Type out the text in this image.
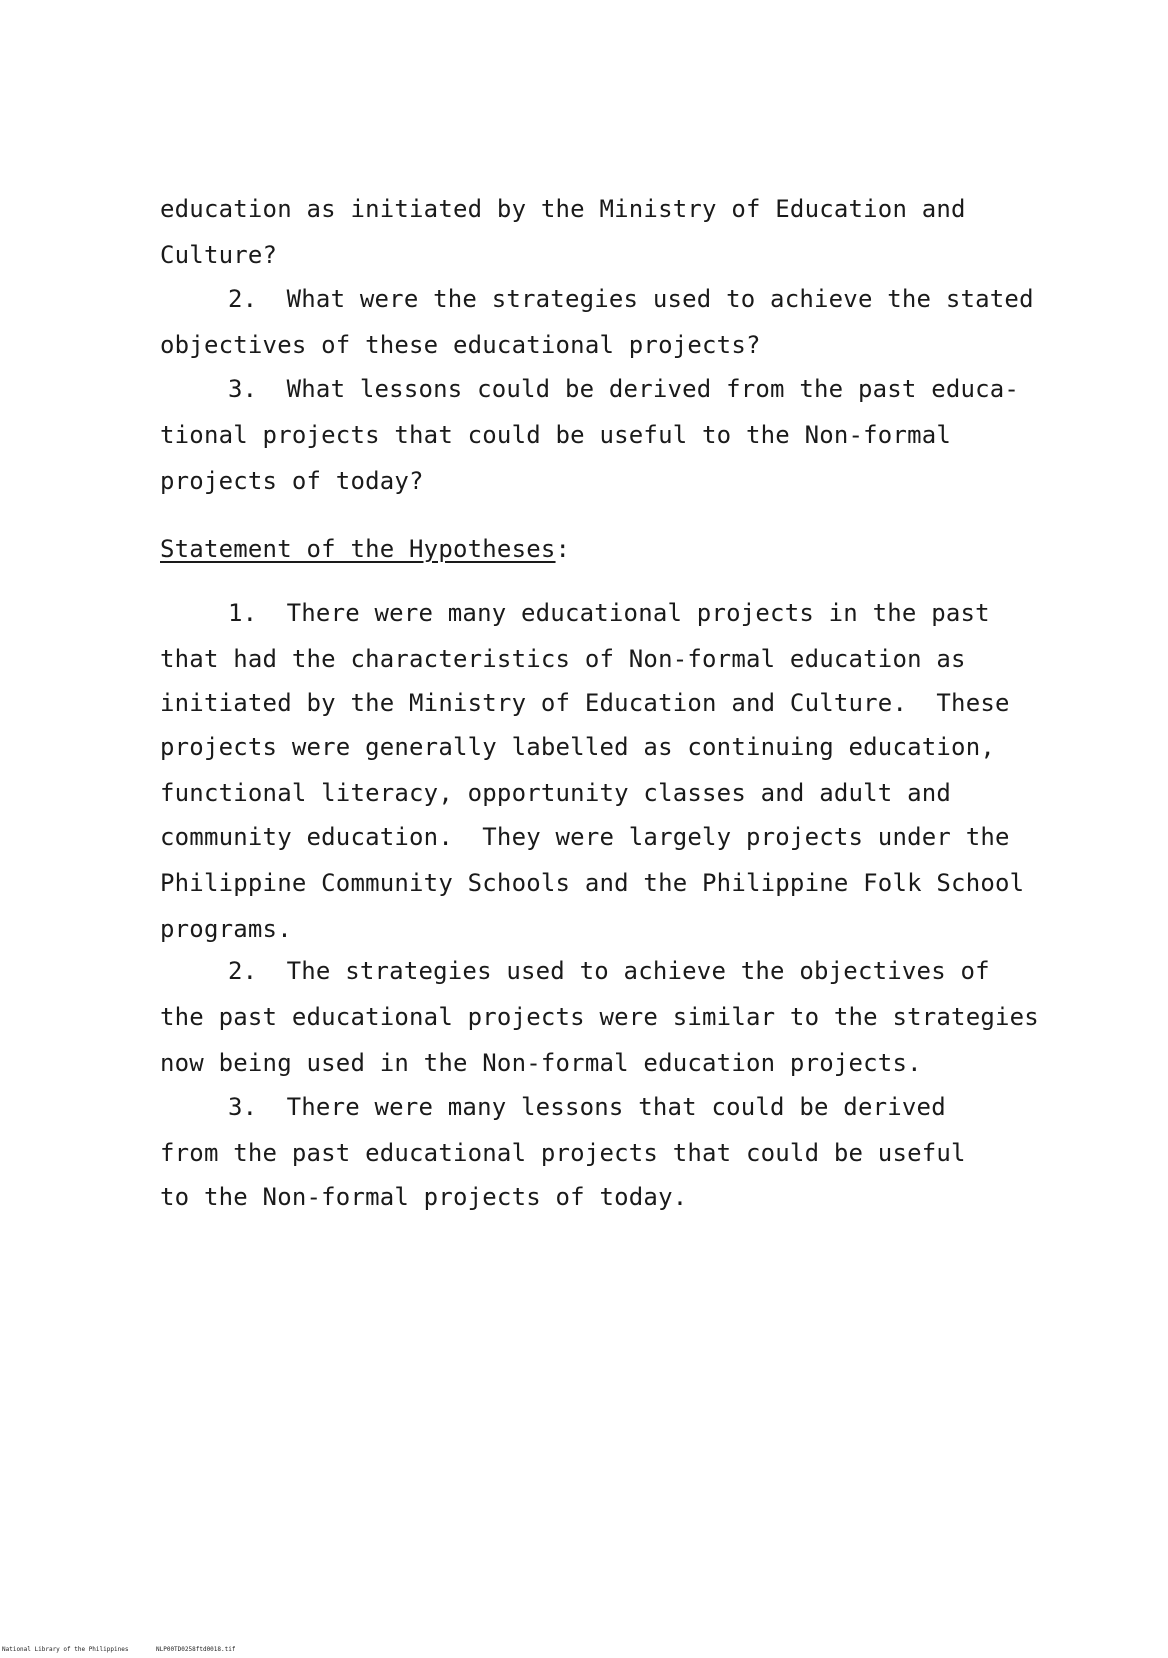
education as initiated by the Ministry of Education and
Culture?
2. What were the strategies used to achieve the stated
objectives of these educational projects?
3. What lessons could be derived from the past educa-
tional projects that could be useful to the Non-formal
projects of today?
Statement of the Hypotheses:
1. There were many educational projects in the past
that had the characteristics of Non-formal education as
initiated by the Ministry of Education and Culture.  These
projects were generally labelled as continuing education,
functional literacy, opportunity classes and adult and
community education.  They were largely projects under the
Philippine Community Schools and the Philippine Folk School
programs.
2. The strategies used to achieve the objectives of
the past educational projects were similar to the strategies
now being used in the Non-formal education projects.
3. There were many lessons that could be derived
from the past educational projects that could be useful
to the Non-formal projects of today.
National Library of the Philippines	NLP00TD0258ftd0018.tif
